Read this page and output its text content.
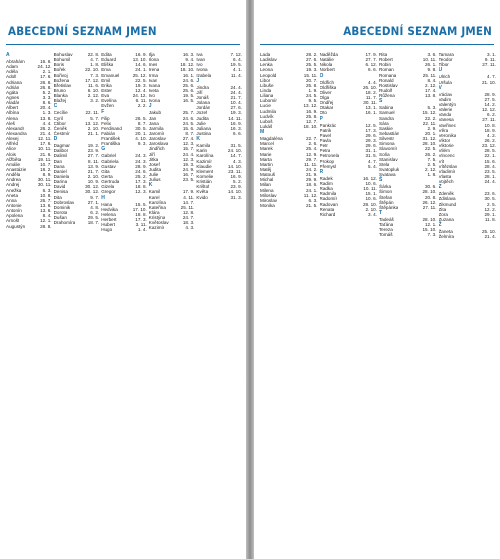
ABECEDNÍ SEZNAM JMEN
A
Abrahám	16. 6.
Adam	24. 12.
Adéla	2. 1.
Adolf	17. 6.
Adriana	26. 8.
Adrián	26. 8.
Agáta	5. 2.
Agnes	3. 3.
Aladár	8. 6.
Albert	20. 4.
Albína	1. 3.
Alena	13. 8.
Aleš	4. 4.
Alexandr	26. 2.
Alexandra	21. 4.
Alexej	12. 11.
Alfréd	17. 6.
Alice	10. 11.
Alois	21. 6.
Alžběta	19. 11.
Amálie	10. 7.
Anastázie	18. 2.
Anděla	8. 9.
Andrea	30. 11.
Andrej	30. 11.
Anežka	6. 3.
Aneta	10. 8.
Anna	26. 7.
Antonie	13. 6.
Antonín	13. 6.
Apolena	8. 4.
Arnošt	12. 1.
Augustýn	28. 8.
Bohuslav	22. 8.
Bohumil	4. 7.
Boris	1. 8.
Bořek	22. 10.
Bořivoj	7. 3.
Božena	17. 12.
Břetislav	11. 6.
Bruno	6. 10.
Blanka	2. 12.
Blažej	3. 2.
C
Cecílie	22. 11.
Cyril	5. 7.
Ctibor	13. 12.
Čeněk	2. 10.
Čestmír	21. 1.
D
Dagmar	19. 2.
Dalibor	23. 9.
Dalimil	27. 7.
Dan	8. 11.
Dana	13. 9.
Daniel	21. 7.
Daniela	2. 10.
Darina	10. 9.
David	30. 12.
Denisa	30. 12.
Dita	9. 7.
Dobroslav	27. 1.
Dominik	4. 8.
Dorota	6. 2.
Dušan	29. 5.
Drahomíra	18. 7.
Edita	16. 9.
Eduard	13. 10.
Eliška	14. 6.
Ema	24. 1.
Emanuel	25. 12.
Emil	22. 5.
Erika	19. 3.
Ester	12. 4.
Eva	24. 12.
Evelína	6. 11.
Evžen	2. 2.
F
Filip	26. 5.
Felix	8. 7.
Ferdinand	30. 5.
Fabián	20. 1.
František	4. 10.
Františka	9. 3.
G
Gabriel	24. 3.
Gabriela	24. 3.
Gustav	28. 9.
Gita	24. 6.
Gerta	25. 2.
Gertruda	17. 3.
Gizela	18. 8.
Gregor	12. 3.
H
Hana	15. 5.
Hedvika	17. 10.
Helena	18. 8.
Herbert	17. 3.
Hubert	3. 11.
Hugo	1. 4.
Ilja	16. 3.
Ilona	9. 4.
Ines	18. 12.
Irena	18. 10.
Irma	16. 1.
Ivan	24. 6.
Ivana	25. 6.
Iveta	25. 6.
Ivo	19. 5.
Ivona	16. 5.
J
Jakub	25. 7.
Jan	24. 6.
Jana	24. 5.
Jarmila	15. 6.
Jaromír	8. 7.
Jaroslav	27. 4.
Jaroslava	12. 3.
Jindřich	15. 7.
Jiří	24. 4.
Jitka	12. 3.
Josef	19. 3.
Judita	24. 9.
Julie	16. 7.
Julius	23. 5.
K
Kamil	17. 9.
Karel	4. 11.
Karolína	14. 7.
Kateřina	25. 11.
Klára	12. 8.
Kristýna	24. 7.
Květoslav	18. 3.
Kazimír	4. 3.
Iva	7. 12.
Ivan	6. 4.
Ivo	19. 5.
Ivona	4. 1.
Izabela	11. 4.
J
Jindra	24. 4.
Jiří	24. 4.
Jonáš	21. 7.
Jolana	10. 4.
Jordán	27. 6.
Jozef	19. 3.
Judita	14. 11.
Julie	16. 9.
Juliana	16. 3.
Justina	6. 6.
K
Kamila	31. 5.
Karin	24. 10.
Karolína	14. 7.
Kazimír	4. 3.
Klaudie	14. 10.
Klement	23. 11.
Kornelie	16. 9.
Kristián	5. 2.
Krištof	23. 9.
Květa	14. 10.
Kvido	31. 3.
ABECEDNÍ SEZNAM JMEN
Lada	28. 2.
Ladislav	27. 6.
Lenka	25. 5.
Leona	19. 3.
Leopold	15. 11.
Libor	20. 7.
Libuše	25. 8.
Linda	1. 9.
Liliana	24. 5.
Lubomír	9. 5.
Lucie	13. 12.
Ludmila	16. 9.
Ludvík	25. 8.
Luboš	12. 7.
Lukáš	18. 10.
M
Magdaléna	22. 7.
Marcel	2. 6.
Marek	25. 4.
Marie	12. 9.
Marta	29. 7.
Martin	11. 11.
Matěj	24. 2.
Matouš	21. 9.
Michal	29. 9.
Milan	18. 6.
Milena	24. 1.
Miloslav	11. 12.
Miroslav	6. 3.
Monika	21. 5.
Naděžda	17. 9.
Natálie	27. 7.
Nikola	6. 12.
Norbert	6. 6.
O
Oldřich	4. 4.
Oldřiška	26. 10.
Oliver	18. 2.
Olga	11. 7.
Ondřej	30. 11.
Otakar	13. 1.
Oto	16. 1.
P
Pankrác	12. 5.
Patrik	17. 3.
Pavel	29. 6.
Pavla	29. 3.
Petr	29. 6.
Petra	31. 1.
Petronela	31. 5.
Prokop	4. 7.
Přemysl	5. 4.
R
Radek	16. 12.
Radim	10. 6.
Radka	10. 11.
Radmila	15. 1.
Radomír	10. 6.
Radovan	28. 10.
Renata	2. 10.
Richard	3. 4.
Rita	3. 6.
Robert	10. 11.
Robin	26. 1.
Roman	9. 8.
Romana	25. 11.
Ronald	8. 4.
Rostislav	2. 12.
Rudolf	17. 4.
Růžena	13. 8.
S
Sabina	5. 3.
Samuel	15. 12.
Sandra	22. 2.
Sára	22. 11.
Saskie	2. 9.
Sebastián	20. 1.
Silvestr	31. 12.
Simona	28. 10.
Slavomír	22. 5.
Soňa	26. 2.
Stanislav	7. 5.
Stela	2. 5.
Svatopluk	2. 12.
Svatava	1. 8.
Š
Šárka	30. 6.
Šimon	28. 10.
Štefan	20. 8.
Štěpán	26. 12.
Štěpánka	27. 11.
T
Tadeáš	28. 10.
Taťána	12. 1.
Tereza	15. 10.
Tomáš	7. 3.
Tamara	3. 1.
Teodor	9. 11.
Tibor	27. 11.
U
Ulrich	4. 7.
Uršula	21. 10.
V
Václav	28. 9.
Vadim	27. 5.
Valentýn	14. 2.
Valerie	12. 12.
Vanda	6. 2.
Vanesa	27. 11.
Vavřinec	10. 8.
Věra	18. 9.
Veronika	4. 2.
Viktor	26. 2.
Viktorie	23. 12.
Vilém	28. 5.
Vincenc	22. 1.
Vít	15. 6.
Vítězslav	28. 4.
Vladimír	23. 5.
Vlasta	28. 1.
Vojtěch	24. 4.
Z
Zdeněk	23. 6.
Zdislava	30. 5.
Zikmund	2. 5.
Zita	12. 2.
Zora	29. 1.
Zuzana	11. 8.
Ž
Žaneta	25. 10.
Želmíra	21. 4.
